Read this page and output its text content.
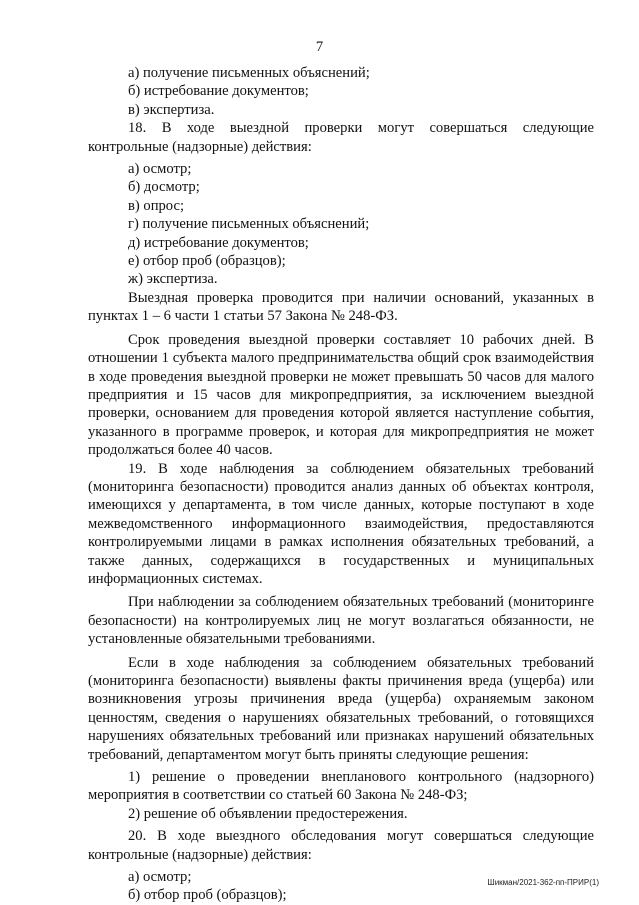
7

а) получение письменных объяснений;

б) истребование документов;

в) экспертиза.

18. В ходе выездной проверки могут совершаться следующие контрольные (надзорные) действия:

а) осмотр;

б) досмотр;

в) опрос;

г) получение письменных объяснений;

д) истребование документов;

е) отбор проб (образцов);

ж) экспертиза.

Выездная проверка проводится при наличии оснований, указанных в пунктах 1 – 6 части 1 статьи 57 Закона № 248-ФЗ.

Срок проведения выездной проверки составляет 10 рабочих дней. В отношении 1 субъекта малого предпринимательства общий срок взаимодействия в ходе проведения выездной проверки не может превышать 50 часов для малого предприятия и 15 часов для микропредприятия, за исключением выездной проверки, основанием для проведения которой является наступление события, указанного в программе проверок, и которая для микропредприятия не может продолжаться более 40 часов.

19. В ходе наблюдения за соблюдением обязательных требований (мониторинга безопасности) проводится анализ данных об объектах контроля, имеющихся у департамента, в том числе данных, которые поступают в ходе межведомственного информационного взаимодействия, предоставляются контролируемыми лицами в рамках исполнения обязательных требований, а также данных, содержащихся в государственных и муниципальных информационных системах.

При наблюдении за соблюдением обязательных требований (мониторинге безопасности) на контролируемых лиц не могут возлагаться обязанности, не установленные обязательными требованиями.

Если в ходе наблюдения за соблюдением обязательных требований (мониторинга безопасности) выявлены факты причинения вреда (ущерба) или возникновения угрозы причинения вреда (ущерба) охраняемым законом ценностям, сведения о нарушениях обязательных требований, о готовящихся нарушениях обязательных требований или признаках нарушений обязательных требований, департаментом могут быть приняты следующие решения:

1) решение о проведении внепланового контрольного (надзорного) мероприятия в соответствии со статьей 60 Закона № 248-ФЗ;

2) решение об объявлении предостережения.

20. В ходе выездного обследования могут совершаться следующие контрольные (надзорные) действия:

а) осмотр;

б) отбор проб (образцов);

Шикман/2021-362-пп-ПРИР(1)
